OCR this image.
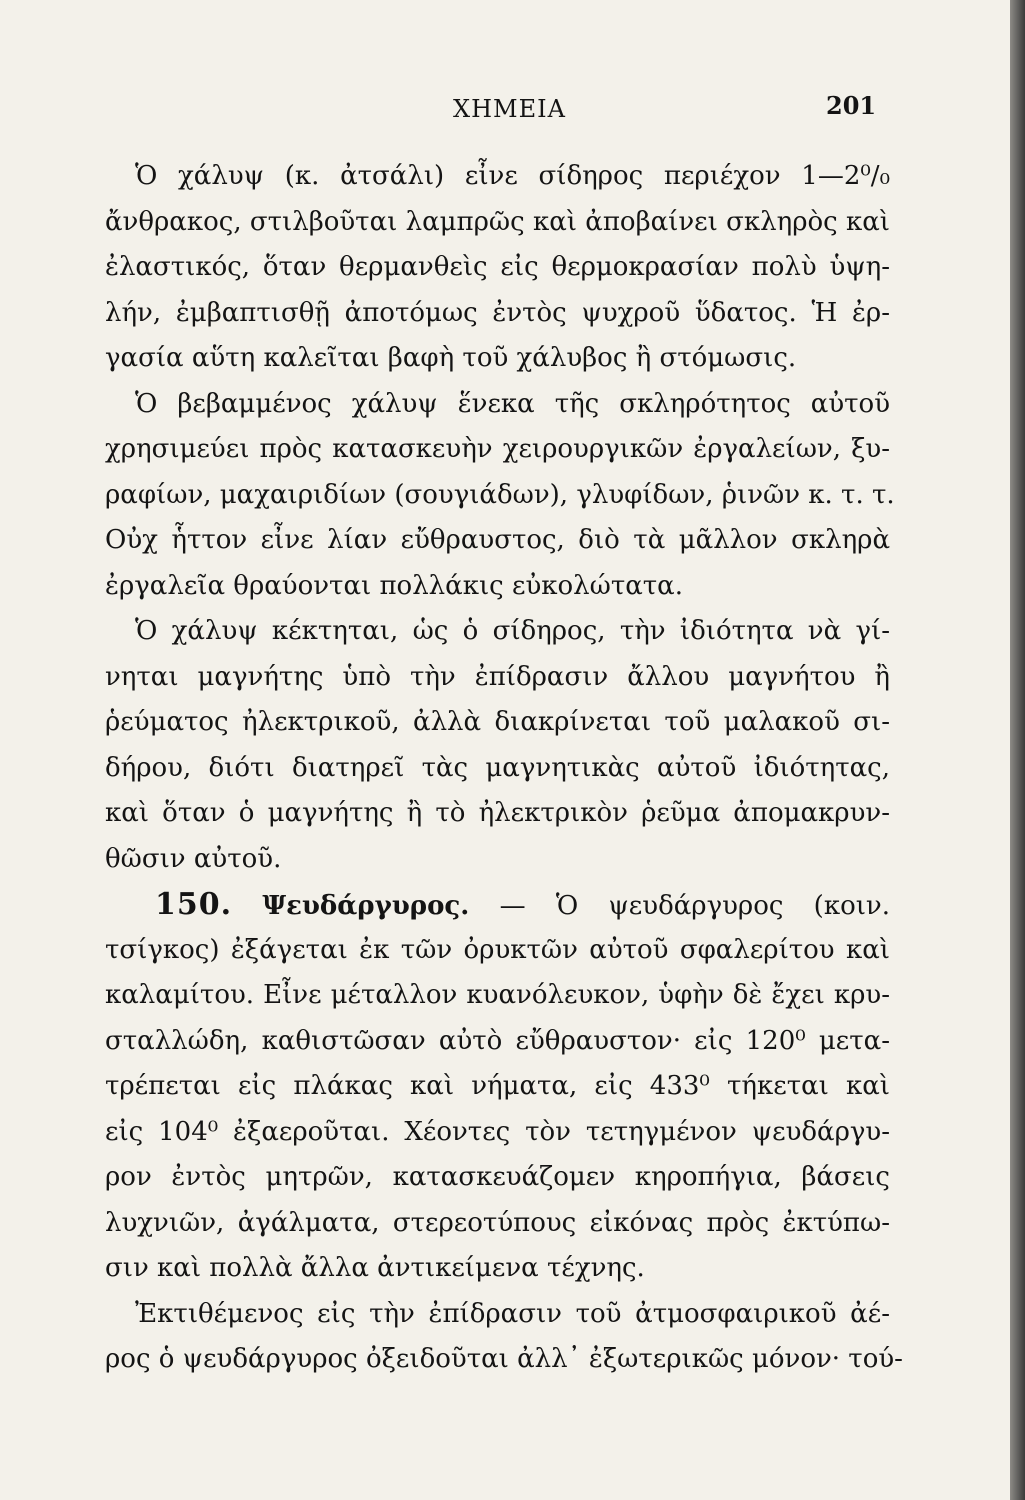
ΧΗΜΕΙΑ	201
Ὁ χάλυψ (κ. ἀτσάλι) εἶνε σίδηρος περιέχον 1—2⁰/₀
ἄνθρακος, στιλβοῦται λαμπρῶς καὶ ἀποβαίνει σκληρὸς καὶ
ἐλαστικός, ὅταν θερμανθεὶς εἰς θερμοκρασίαν πολὺ ὑψη-
λήν, ἐμβαπτισθῇ ἀποτόμως ἐντὸς ψυχροῦ ὕδατος. Ἡ ἐρ-
γασία αὕτη καλεῖται βαφὴ τοῦ χάλυβος ἢ στόμωσις.
Ὁ βεβαμμένος χάλυψ ἕνεκα τῆς σκληρότητος αὐτοῦ
χρησιμεύει πρὸς κατασκευὴν χειρουργικῶν ἐργαλείων, ξυ-
ραφίων, μαχαιριδίων (σουγιάδων), γλυφίδων, ῥινῶν κ. τ. τ.
Οὐχ ἧττον εἶνε λίαν εὔθραυστος, διὸ τὰ μᾶλλον σκληρὰ
ἐργαλεῖα θραύονται πολλάκις εὐκολώτατα.
Ὁ χάλυψ κέκτηται, ὡς ὁ σίδηρος, τὴν ἰδιότητα νὰ γί-
νηται μαγνήτης ὑπὸ τὴν ἐπίδρασιν ἄλλου μαγνήτου ἢ
ῥεύματος ἠλεκτρικοῦ, ἀλλὰ διακρίνεται τοῦ μαλακοῦ σι-
δήρου, διότι διατηρεῖ τὰς μαγνητικὰς αὐτοῦ ἰδιότητας,
καὶ ὅταν ὁ μαγνήτης ἢ τὸ ἠλεκτρικὸν ῥεῦμα ἀπομακρυν-
θῶσιν αὐτοῦ.
150. Ψευδάργυρος. — Ὁ ψευδάργυρος (κοιν.
τσίγκος) ἐξάγεται ἐκ τῶν ὀρυκτῶν αὐτοῦ σφαλερίτου καὶ
καλαμίτου. Εἶνε μέταλλον κυανόλευκον, ὑφὴν δὲ ἔχει κρυ-
σταλλώδη, καθιστῶσαν αὐτὸ εὔθραυστον· εἰς 120⁰ μετα-
τρέπεται εἰς πλάκας καὶ νήματα, εἰς 433⁰ τήκεται καὶ
εἰς 104⁰ ἐξαεροῦται. Χέοντες τὸν τετηγμένον ψευδάργυ-
ρον ἐντὸς μητρῶν, κατασκευάζομεν κηροπήγια, βάσεις
λυχνιῶν, ἀγάλματα, στερεοτύπους εἰκόνας πρὸς ἐκτύπω-
σιν καὶ πολλὰ ἄλλα ἀντικείμενα τέχνης.
Ἐκτιθέμενος εἰς τὴν ἐπίδρασιν τοῦ ἀτμοσφαιρικοῦ ἀέ-
ρος ὁ ψευδάργυρος ὀξειδοῦται ἀλλ᾽ ἐξωτερικῶς μόνον· τού-
